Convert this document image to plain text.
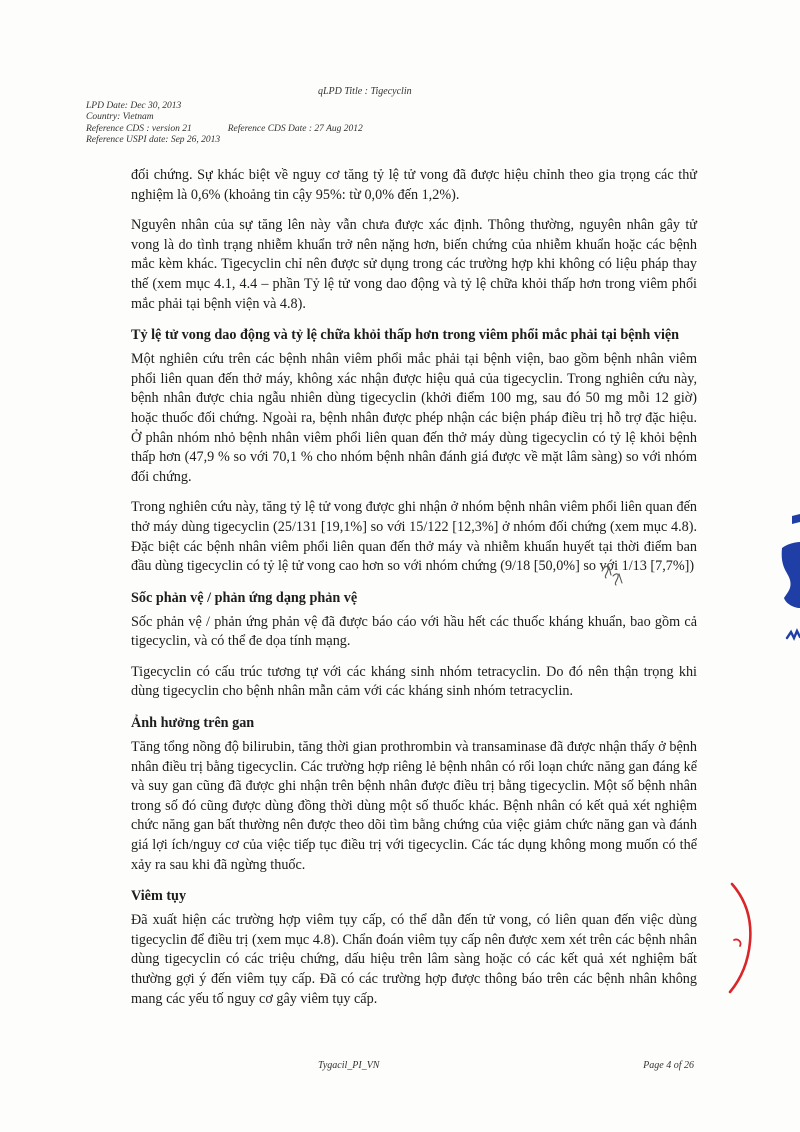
qLPD Title : Tigecyclin
LPD Date: Dec 30, 2013
Country: Vietnam
Reference CDS : version 21	Reference CDS Date : 27 Aug 2012
Reference USPI date: Sep 26, 2013

đối chứng. Sự khác biệt về nguy cơ tăng tỷ lệ tử vong đã được hiệu chỉnh theo gia trọng các thử nghiệm là 0,6% (khoảng tin cậy 95%: từ 0,0% đến 1,2%).

Nguyên nhân của sự tăng lên này vẫn chưa được xác định. Thông thường, nguyên nhân gây tử vong là do tình trạng nhiễm khuẩn trở nên nặng hơn, biến chứng của nhiễm khuẩn hoặc các bệnh mắc kèm khác. Tigecyclin chỉ nên được sử dụng trong các trường hợp khi không có liệu pháp thay thế (xem mục 4.1, 4.4 – phần Tỷ lệ tử vong dao động và tỷ lệ chữa khỏi thấp hơn trong viêm phổi mắc phải tại bệnh viện và 4.8).

Tỷ lệ tử vong dao động và tỷ lệ chữa khỏi thấp hơn trong viêm phổi mắc phải tại bệnh viện

Một nghiên cứu trên các bệnh nhân viêm phổi mắc phải tại bệnh viện, bao gồm bệnh nhân viêm phổi liên quan đến thở máy, không xác nhận được hiệu quả của tigecyclin. Trong nghiên cứu này, bệnh nhân được chia ngẫu nhiên dùng tigecyclin (khởi điểm 100 mg, sau đó 50 mg mỗi 12 giờ) hoặc thuốc đối chứng. Ngoài ra, bệnh nhân được phép nhận các biện pháp điều trị hỗ trợ đặc hiệu. Ở phân nhóm nhỏ bệnh nhân viêm phổi liên quan đến thở máy dùng tigecyclin có tỷ lệ khỏi bệnh thấp hơn (47,9 % so với 70,1 % cho nhóm bệnh nhân đánh giá được về mặt lâm sàng) so với nhóm đối chứng.

Trong nghiên cứu này, tăng tỷ lệ tử vong được ghi nhận ở nhóm bệnh nhân viêm phổi liên quan đến thở máy dùng tigecyclin (25/131 [19,1%] so với 15/122 [12,3%] ở nhóm đối chứng (xem mục 4.8). Đặc biệt các bệnh nhân viêm phổi liên quan đến thở máy và nhiễm khuẩn huyết tại thời điểm ban đầu dùng tigecyclin có tỷ lệ tử vong cao hơn so với nhóm chứng (9/18 [50,0%] so với 1/13 [7,7%])

Sốc phản vệ / phản ứng dạng phản vệ

Sốc phản vệ / phản ứng phản vệ đã được báo cáo với hầu hết các thuốc kháng khuẩn, bao gồm cả tigecyclin, và có thể đe dọa tính mạng.

Tigecyclin có cấu trúc tương tự với các kháng sinh nhóm tetracyclin. Do đó nên thận trọng khi dùng tigecyclin cho bệnh nhân mẫn cảm với các kháng sinh nhóm tetracyclin.

Ảnh hưởng trên gan

Tăng tổng nồng độ bilirubin, tăng thời gian prothrombin và transaminase đã được nhận thấy ở bệnh nhân điều trị bằng tigecyclin. Các trường hợp riêng lẻ bệnh nhân có rối loạn chức năng gan đáng kể và suy gan cũng đã được ghi nhận trên bệnh nhân được điều trị bằng tigecyclin. Một số bệnh nhân trong số đó cũng được dùng đồng thời dùng một số thuốc khác. Bệnh nhân có kết quả xét nghiệm chức năng gan bất thường nên được theo dõi tìm bằng chứng của việc giảm chức năng gan và đánh giá lợi ích/nguy cơ của việc tiếp tục điều trị với tigecyclin. Các tác dụng không mong muốn có thể xảy ra sau khi đã ngừng thuốc.

Viêm tụy

Đã xuất hiện các trường hợp viêm tụy cấp, có thể dẫn đến tử vong, có liên quan đến việc dùng tigecyclin để điều trị (xem mục 4.8). Chẩn đoán viêm tụy cấp nên được xem xét trên các bệnh nhân dùng tigecyclin có các triệu chứng, dấu hiệu trên lâm sàng hoặc có các kết quả xét nghiệm bất thường gợi ý đến viêm tụy cấp. Đã có các trường hợp được thông báo trên các bệnh nhân không mang các yếu tố nguy cơ gây viêm tụy cấp.

Tygacil_PI_VN	Page 4 of 26
